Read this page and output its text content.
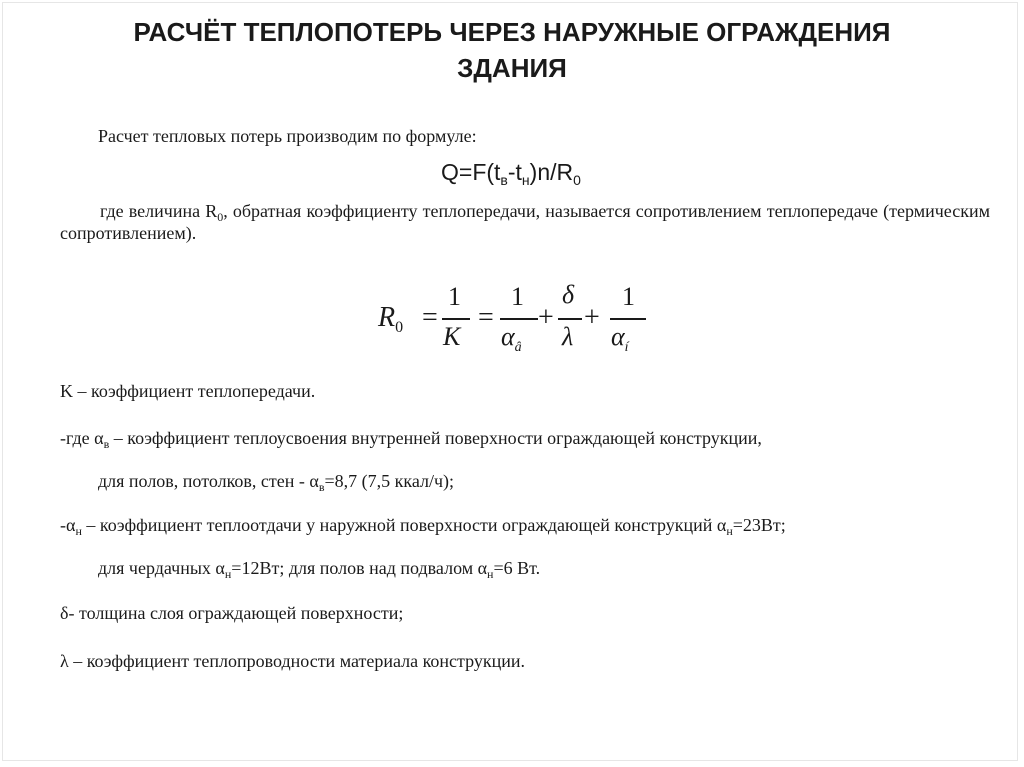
РАСЧЁТ ТЕПЛОПОТЕРЬ ЧЕРЕЗ НАРУЖНЫЕ ОГРАЖДЕНИЯ
ЗДАНИЯ
Расчет тепловых потерь производим по формуле:
$Q=F(t_в-t_н)n/R_0$
где величина $R_0$, обратная коэффициенту теплопередачи, называется сопротивлением теплопередаче (термическим сопротивлением).
$R_0$ =
1
K
=
1
$\alpha_â$
+
δ
λ
+
1
$\alpha_í$
K – коэффициент теплопередачи.
-где $\alpha_в$ – коэффициент теплоусвоения внутренней поверхности ограждающей конструкции,
для полов, потолков, стен - $\alpha_в=8,7$ (7,5 ккал/ч);
$-\alpha_н$ – коэффициент теплоотдачи у наружной поверхности ограждающей конструкций $\alpha_н=23Вт$;
для чердачных $\alpha_н=12Вт$; для полов над подвалом $\alpha_н=6$ Вт.
δ- толщина слоя ограждающей поверхности;
λ – коэффициент теплопроводности материала конструкции.
